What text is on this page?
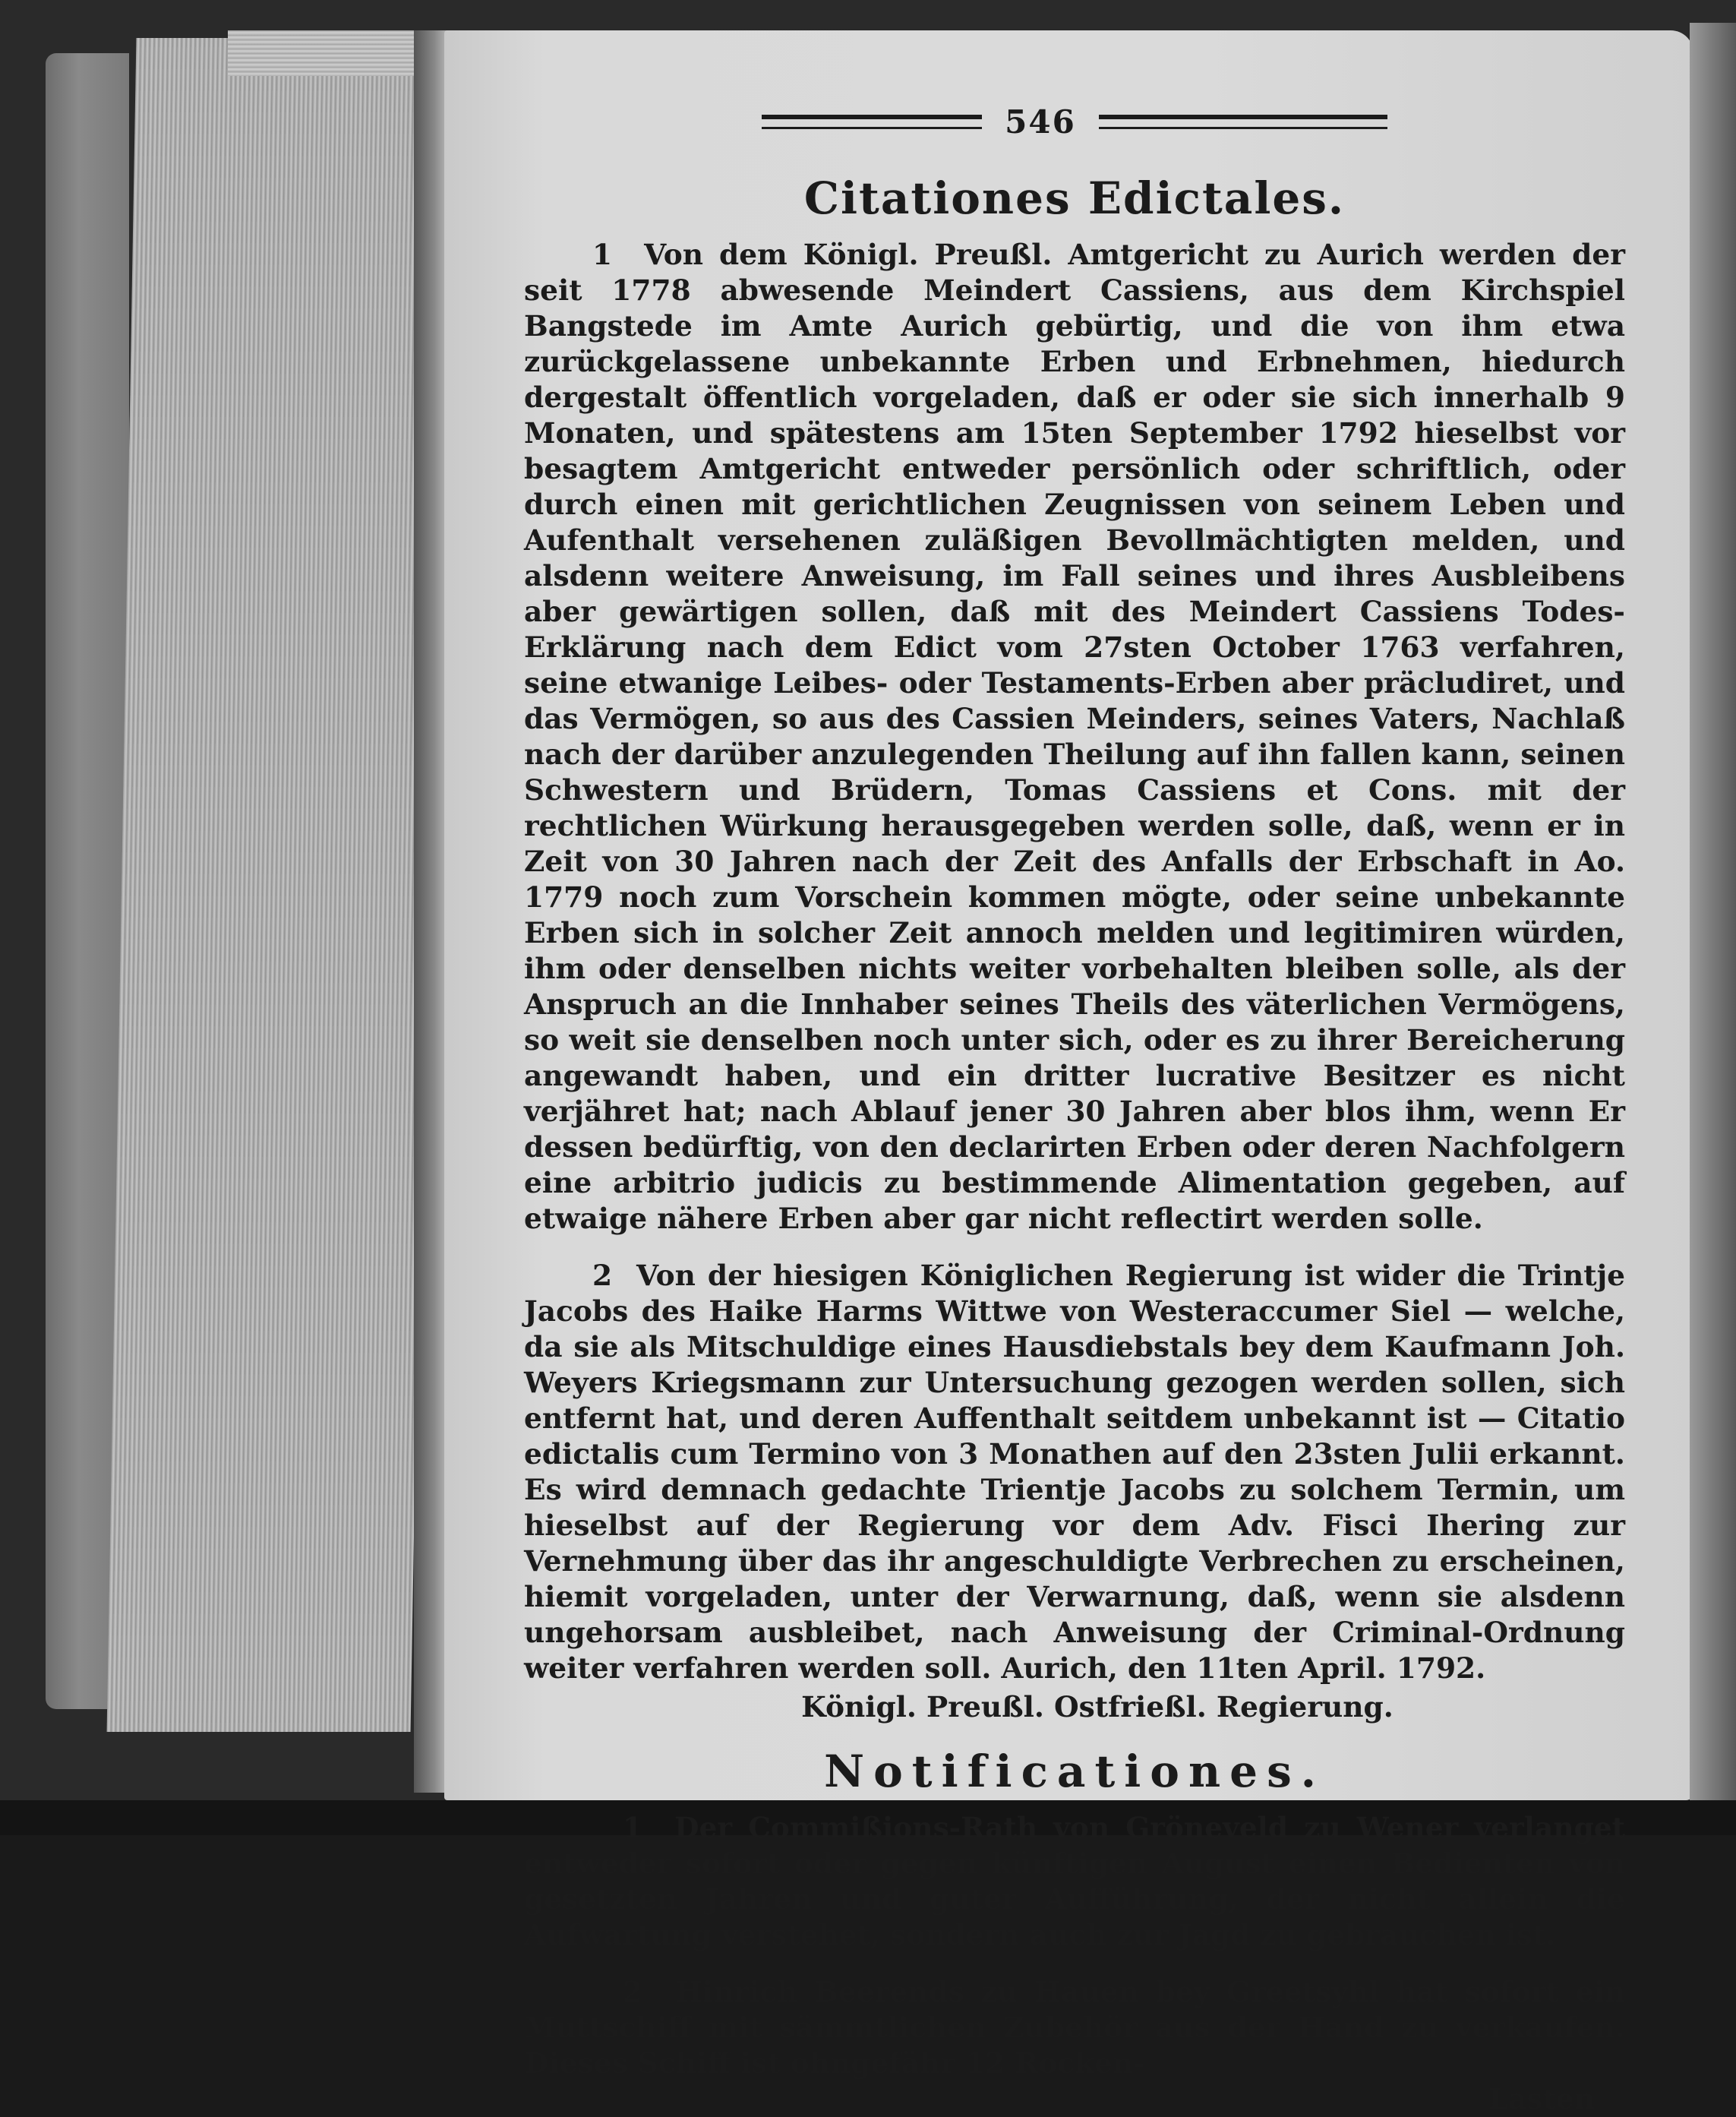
546
Citationes Edictales.

1 Von dem Königl. Preußl. Amtgericht zu Aurich werden der seit 1778 abwesende Meindert Cassiens, aus dem Kirchspiel Bangstede im Amte Aurich gebürtig, und die von ihm etwa zurückgelassene unbekannte Erben und Erbnehmen, hiedurch dergestalt öffentlich vorgeladen, daß er oder sie sich innerhalb 9 Monaten, und spätestens am 15ten September 1792 hieselbst vor besagtem Amtgericht entweder persönlich oder schriftlich, oder durch einen mit gerichtlichen Zeugnissen von seinem Leben und Aufenthalt versehenen zuläßigen Bevollmächtigten melden, und alsdenn weitere Anweisung, im Fall seines und ihres Ausbleibens aber gewärtigen sollen, daß mit des Meindert Cassiens Todes-Erklärung nach dem Edict vom 27sten October 1763 verfahren, seine etwanige Leibes- oder Testaments-Erben aber präcludiret, und das Vermögen, so aus des Cassien Meinders, seines Vaters, Nachlaß nach der darüber anzulegenden Theilung auf ihn fallen kann, seinen Schwestern und Brüdern, Tomas Cassiens et Cons. mit der rechtlichen Würkung herausgegeben werden solle, daß, wenn er in Zeit von 30 Jahren nach der Zeit des Anfalls der Erbschaft in Ao. 1779 noch zum Vorschein kommen mögte, oder seine unbekannte Erben sich in solcher Zeit annoch melden und legitimiren würden, ihm oder denselben nichts weiter vorbehalten bleiben solle, als der Anspruch an die Innhaber seines Theils des väterlichen Vermögens, so weit sie denselben noch unter sich, oder es zu ihrer Bereicherung angewandt haben, und ein dritter lucrative Besitzer es nicht verjähret hat; nach Ablauf jener 30 Jahren aber blos ihm, wenn Er dessen bedürftig, von den declarirten Erben oder deren Nachfolgern eine arbitrio judicis zu bestimmende Alimentation gegeben, auf etwaige nähere Erben aber gar nicht reflectirt werden solle.

2 Von der hiesigen Königlichen Regierung ist wider die Trintje Jacobs des Haike Harms Wittwe von Westeraccumer Siel — welche, da sie als Mitschuldige eines Hausdiebstals bey dem Kaufmann Joh. Weyers Kriegsmann zur Untersuchung gezogen werden sollen, sich entfernt hat, und deren Auffenthalt seitdem unbekannt ist — Citatio edictalis cum Termino von 3 Monathen auf den 23sten Julii erkannt. Es wird demnach gedachte Trientje Jacobs zu solchem Termin, um hieselbst auf der Regierung vor dem Adv. Fisci Ihering zur Vernehmung über das ihr angeschuldigte Verbrechen zu erscheinen, hiemit vorgeladen, unter der Verwarnung, daß, wenn sie alsdenn ungehorsam ausbleibet, nach Anweisung der Criminal-Ordnung weiter verfahren werden soll. Aurich, den 11ten April. 1792.

Königl. Preußl. Ostfrießl. Regierung.

Notificationes.

1 Der Commißions-Rath von Gröneveld zu Wener verlanget entweder sofort oder gegen künftigen August einen Bedienten von gesetzten Jahren und guter Aufführung, der nicht allein die Aufwartung verstehet, sondern auch zur Jagd zu gebrauchen ist.

2 Hinrich Beerends zu Hauen bey Greetsyhl hat sofort ein Muttschiff mit sämmtlichen Zubehör aus der Hand zu verkaufen. Dieses Schiff ist ohngefähr 12 Rocken-

Lasten
